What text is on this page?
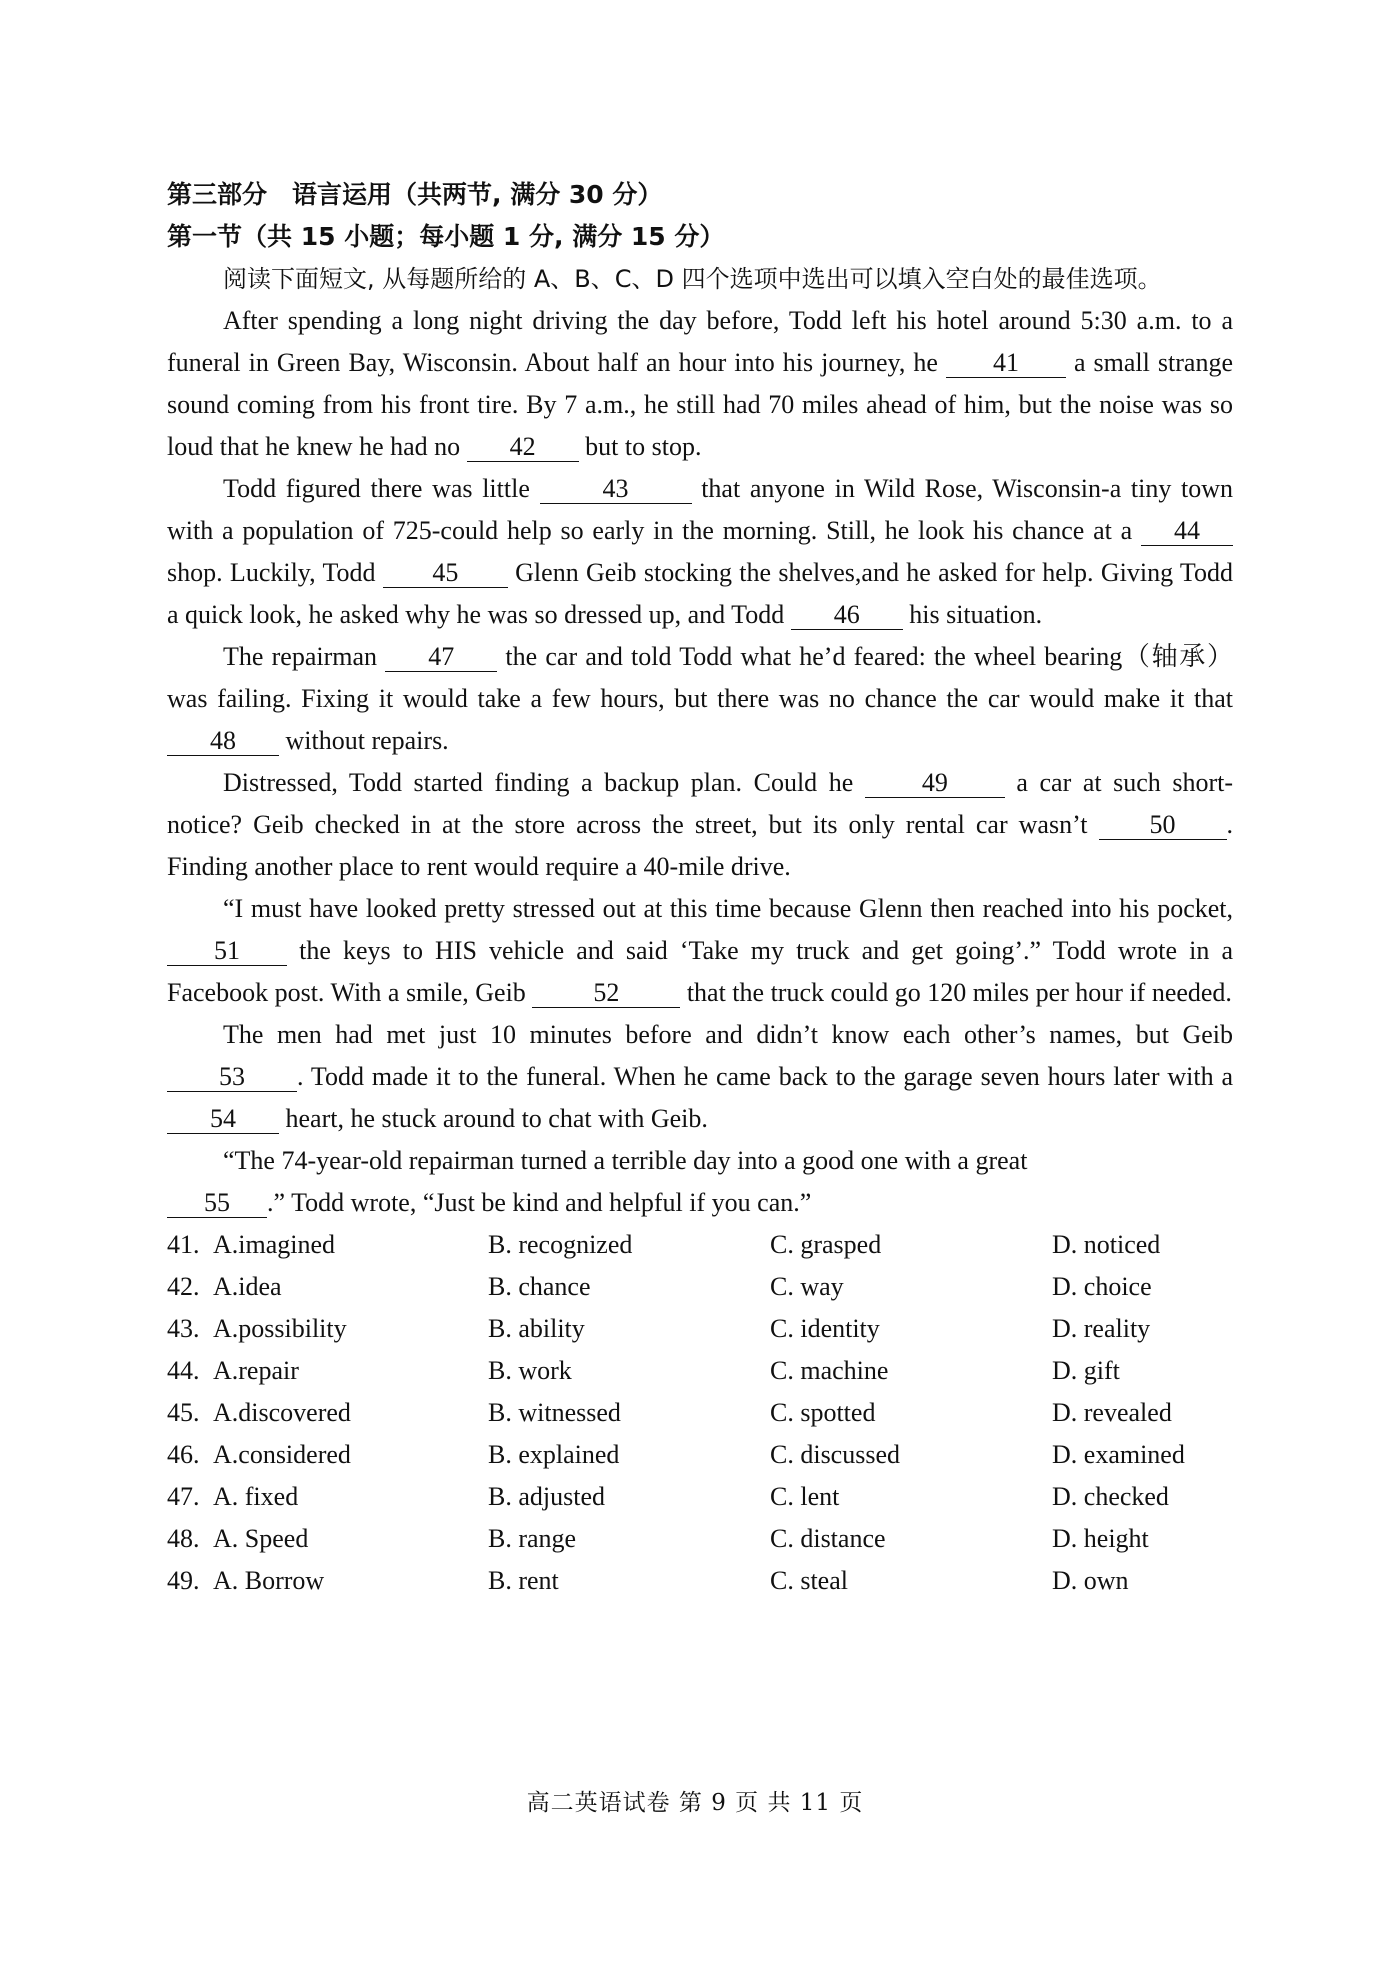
第三部分　语言运用（共两节, 满分 30 分）
第一节（共 15 小题；每小题 1 分, 满分 15 分）

阅读下面短文, 从每题所给的 A、B、C、D 四个选项中选出可以填入空白处的最佳选项。

After spending a long night driving the day before, Todd left his hotel around 5:30 a.m. to a funeral in Green Bay, Wisconsin. About half an hour into his journey, he 41 a small strange sound coming from his front tire. By 7 a.m., he still had 70 miles ahead of him, but the noise was so loud that he knew he had no 42 but to stop.

Todd figured there was little 43 that anyone in Wild Rose, Wisconsin-a tiny town with a population of 725-could help so early in the morning. Still, he look his chance at a 44shop. Luckily, Todd 45 Glenn Geib stocking the shelves,and he asked for help. Giving Todd a quick look, he asked why he was so dressed up, and Todd 46 his situation.

The repairman 47 the car and told Todd what he’d feared: the wheel bearing（轴承）was failing. Fixing it would take a few hours, but there was no chance the car would make it that48 without repairs.

Distressed, Todd started finding a backup plan. Could he 49 a car at such short-notice? Geib checked in at the store across the street, but its only rental car wasn’t 50 . Finding another place to rent would require a 40-mile drive.

“I must have looked pretty stressed out at this time because Glenn then reached into his pocket, 51 the keys to HIS vehicle and said ‘Take my truck and get going’.” Todd wrote in a Facebook post. With a smile, Geib 52 that the truck could go 120 miles per hour if needed.

The men had met just 10 minutes before and didn’t know each other’s names, but Geib 53 . Todd made it to the funeral. When he came back to the garage seven hours later with a 54 heart, he stuck around to chat with Geib.

“The 74-year-old repairman turned a terrible day into a good one with a great
55 .” Todd wrote, “Just be kind and helpful if you can.”

41. A.imagined	B. recognized	C. grasped	D. noticed
42. A.idea	B. chance	C. way	D. choice
43. A.possibility	B. ability	C. identity	D. reality
44. A.repair	B. work	C. machine	D. gift
45. A.discovered	B. witnessed	C. spotted	D. revealed
46. A.considered	B. explained	C. discussed	D. examined
47. A. fixed	B. adjusted	C. lent	D. checked
48. A. Speed	B. range	C. distance	D. height
49. A. Borrow	B. rent	C. steal	D. own
高二英语试卷 第 9 页 共 11 页
